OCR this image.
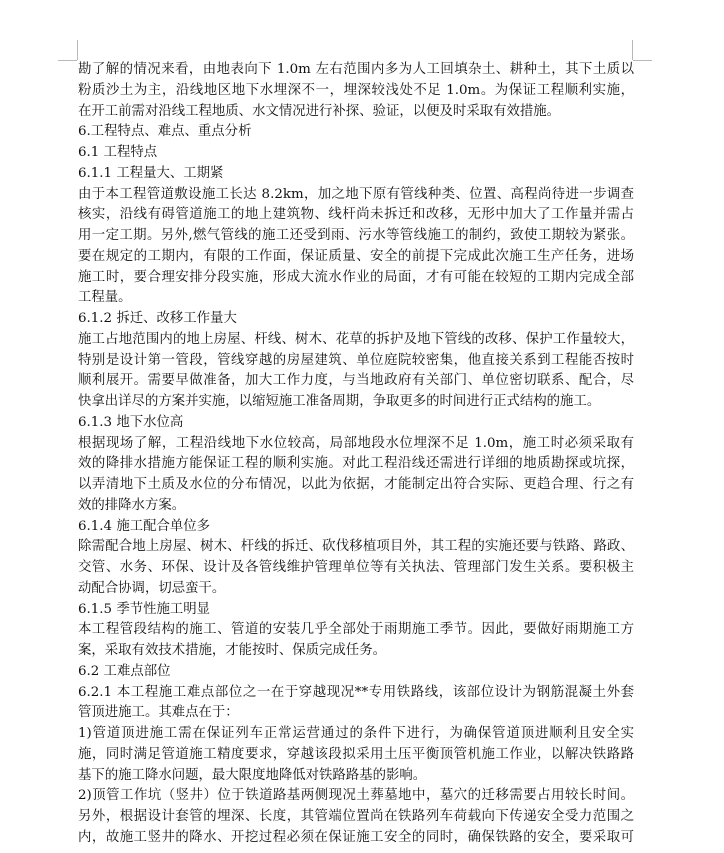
勘了解的情况来看，由地表向下 1.0m 左右范围内多为人工回填杂土、耕种土，其下土质以
粉质沙土为主，沿线地区地下水埋深不一，埋深较浅处不足 1.0m。为保证工程顺利实施，
在开工前需对沿线工程地质、水文情况进行补探、验证，以便及时采取有效措施。
6.工程特点、难点、重点分析
6.1 工程特点
6.1.1 工程量大、工期紧
由于本工程管道敷设施工长达 8.2km，加之地下原有管线种类、位置、高程尚待进一步调查
核实，沿线有碍管道施工的地上建筑物、线杆尚未拆迁和改移，无形中加大了工作量并需占
用一定工期。另外,燃气管线的施工还受到雨、污水等管线施工的制约，致使工期较为紧张。
要在规定的工期内，有限的工作面，保证质量、安全的前提下完成此次施工生产任务，进场
施工时，要合理安排分段实施，形成大流水作业的局面，才有可能在较短的工期内完成全部
工程量。
6.1.2 拆迁、改移工作量大
施工占地范围内的地上房屋、杆线、树木、花草的拆护及地下管线的改移、保护工作量较大，
特别是设计第一管段，管线穿越的房屋建筑、单位庭院较密集，他直接关系到工程能否按时
顺利展开。需要早做准备，加大工作力度，与当地政府有关部门、单位密切联系、配合，尽
快拿出详尽的方案并实施，以缩短施工准备周期，争取更多的时间进行正式结构的施工。
6.1.3 地下水位高
根据现场了解，工程沿线地下水位较高，局部地段水位埋深不足 1.0m，施工时必须采取有
效的降排水措施方能保证工程的顺利实施。对此工程沿线还需进行详细的地质勘探或坑探，
以弄清地下土质及水位的分布情况，以此为依据，才能制定出符合实际、更趋合理、行之有
效的排降水方案。
6.1.4 施工配合单位多
除需配合地上房屋、树木、杆线的拆迁、砍伐移植项目外，其工程的实施还要与铁路、路政、
交管、水务、环保、设计及各管线维护管理单位等有关执法、管理部门发生关系。要积极主
动配合协调，切忌蛮干。
6.1.5 季节性施工明显
本工程管段结构的施工、管道的安装几乎全部处于雨期施工季节。因此，要做好雨期施工方
案，采取有效技术措施，才能按时、保质完成任务。
6.2 工难点部位
6.2.1 本工程施工难点部位之一在于穿越现况**专用铁路线，该部位设计为钢筋混凝土外套
管顶进施工。其难点在于：
1)管道顶进施工需在保证列车正常运营通过的条件下进行，为确保管道顶进顺利且安全实
施，同时满足管道施工精度要求，穿越该段拟采用土压平衡顶管机施工作业，以解决铁路路
基下的施工降水问题，最大限度地降低对铁路路基的影响。
2)顶管工作坑（竖井）位于铁道路基两侧现况土葬墓地中，墓穴的迁移需要占用较长时间。
另外，根据设计套管的埋深、长度，其管端位置尚在铁路列车荷载向下传递安全受力范围之
内，故施工竖井的降水、开挖过程必须在保证施工安全的同时，确保铁路的安全，要采取可
